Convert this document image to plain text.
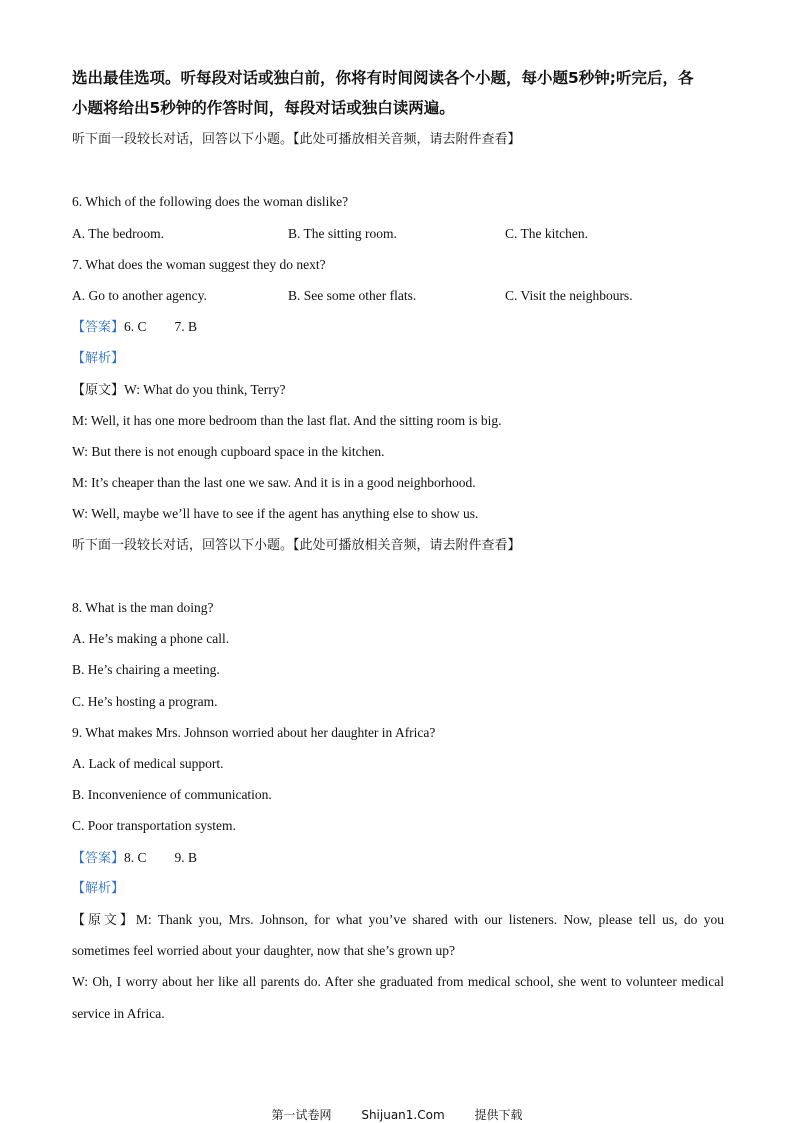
选出最佳选项。听每段对话或独白前，你将有时间阅读各个小题，每小题5秒钟;听完后，各
小题将给出5秒钟的作答时间，每段对话或独白读两遍。
听下面一段较长对话，回答以下小题。【此处可播放相关音频，请去附件查看】
6. Which of the following does the woman dislike?
A. The bedroom.	B. The sitting room.	C. The kitchen.
7. What does the woman suggest they do next?
A. Go to another agency.	B. See some other flats.	C. Visit the neighbours.
【答案】6. C 7. B
【解析】
【原文】W: What do you think, Terry?
M: Well, it has one more bedroom than the last flat. And the sitting room is big.
W: But there is not enough cupboard space in the kitchen.
M: It’s cheaper than the last one we saw. And it is in a good neighborhood.
W: Well, maybe we’ll have to see if the agent has anything else to show us.
听下面一段较长对话，回答以下小题。【此处可播放相关音频，请去附件查看】
8. What is the man doing?
A. He’s making a phone call.
B. He’s chairing a meeting.
C. He’s hosting a program.
9. What makes Mrs. Johnson worried about her daughter in Africa?
A. Lack of medical support.
B. Inconvenience of communication.
C. Poor transportation system.
【答案】8. C 9. B
【解析】
【原文】M: Thank you, Mrs. Johnson, for what you’ve shared with our listeners. Now, please tell us, do you
sometimes feel worried about your daughter, now that she’s grown up?
W: Oh, I worry about her like all parents do. After she graduated from medical school, she went to volunteer medical
service in Africa.
第一试卷网 Shijuan1.Com 提供下载
